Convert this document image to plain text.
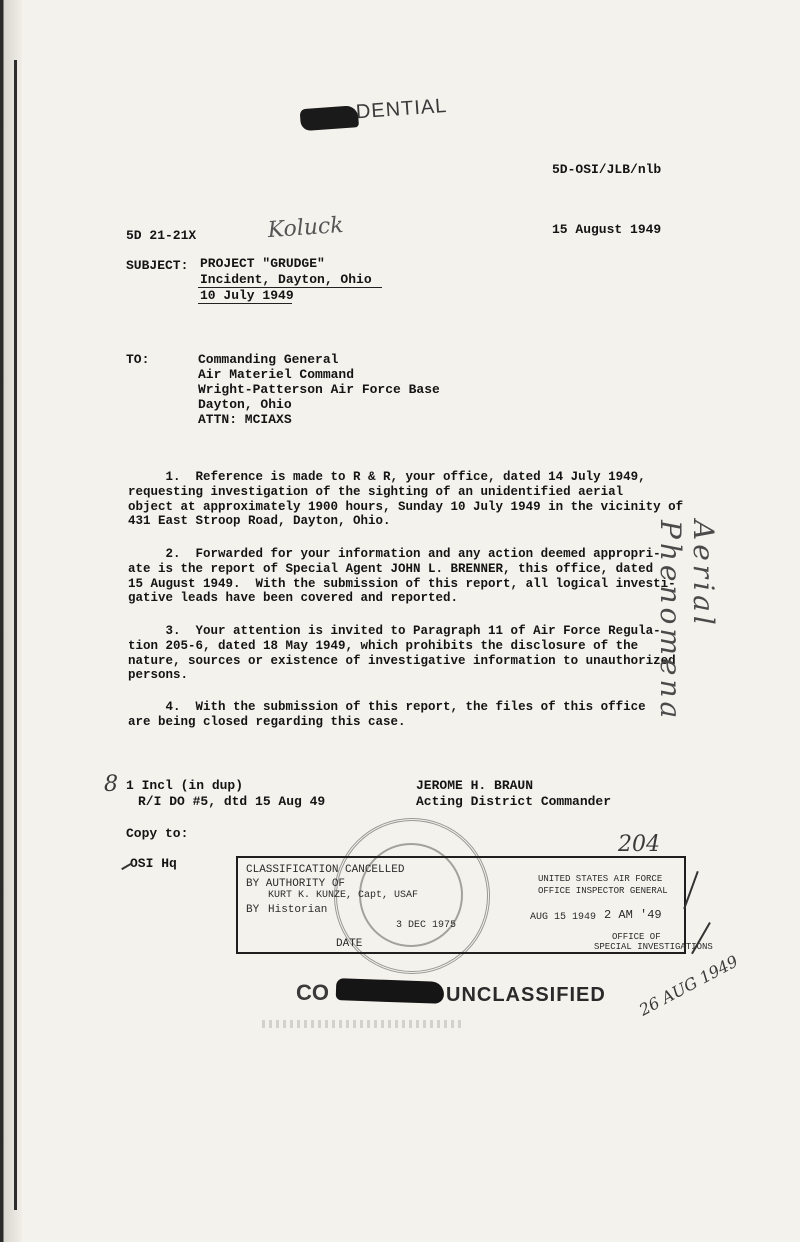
DENTIAL
5D-OSI/JLB/nlb
5D 21-21X	Koluck	15 August 1949
SUBJECT: PROJECT "GRUDGE"
Incident, Dayton, Ohio
10 July 1949
TO:	Commanding General
Air Materiel Command
Wright-Patterson Air Force Base
Dayton, Ohio
ATTN: MCIAXS
1.  Reference is made to R & R, your office, dated 14 July 1949,
requesting investigation of the sighting of an unidentified aerial
object at approximately 1900 hours, Sunday 10 July 1949 in the vicinity of
431 East Stroop Road, Dayton, Ohio.
2.  Forwarded for your information and any action deemed appropri-
ate is the report of Special Agent JOHN L. BRENNER, this office, dated
15 August 1949.  With the submission of this report, all logical investi-
gative leads have been covered and reported.
3.  Your attention is invited to Paragraph 11 of Air Force Regula-
tion 205-6, dated 18 May 1949, which prohibits the disclosure of the
nature, sources or existence of investigative information to unauthorized
persons.
4.  With the submission of this report, the files of this office
are being closed regarding this case.
Aerial Phenomena
8 1 Incl (in dup)
R/I DO #5, dtd 15 Aug 49
Copy to:
OSI Hq
JEROME H. BRAUN
Acting District Commander
CLASSIFICATION CANCELLED
BY AUTHORITY OF
KURT K. KUNZE, Capt, USAF
BY Historian
3 DEC 1975
DATE
UNITED STATES AIR FORCE
OFFICE INSPECTOR GENERAL
AUG 15 1949 2 AM '49
OFFICE OF
SPECIAL INVESTIGATIONS
204
26 AUG 1949
CO	UNCLASSIFIED
